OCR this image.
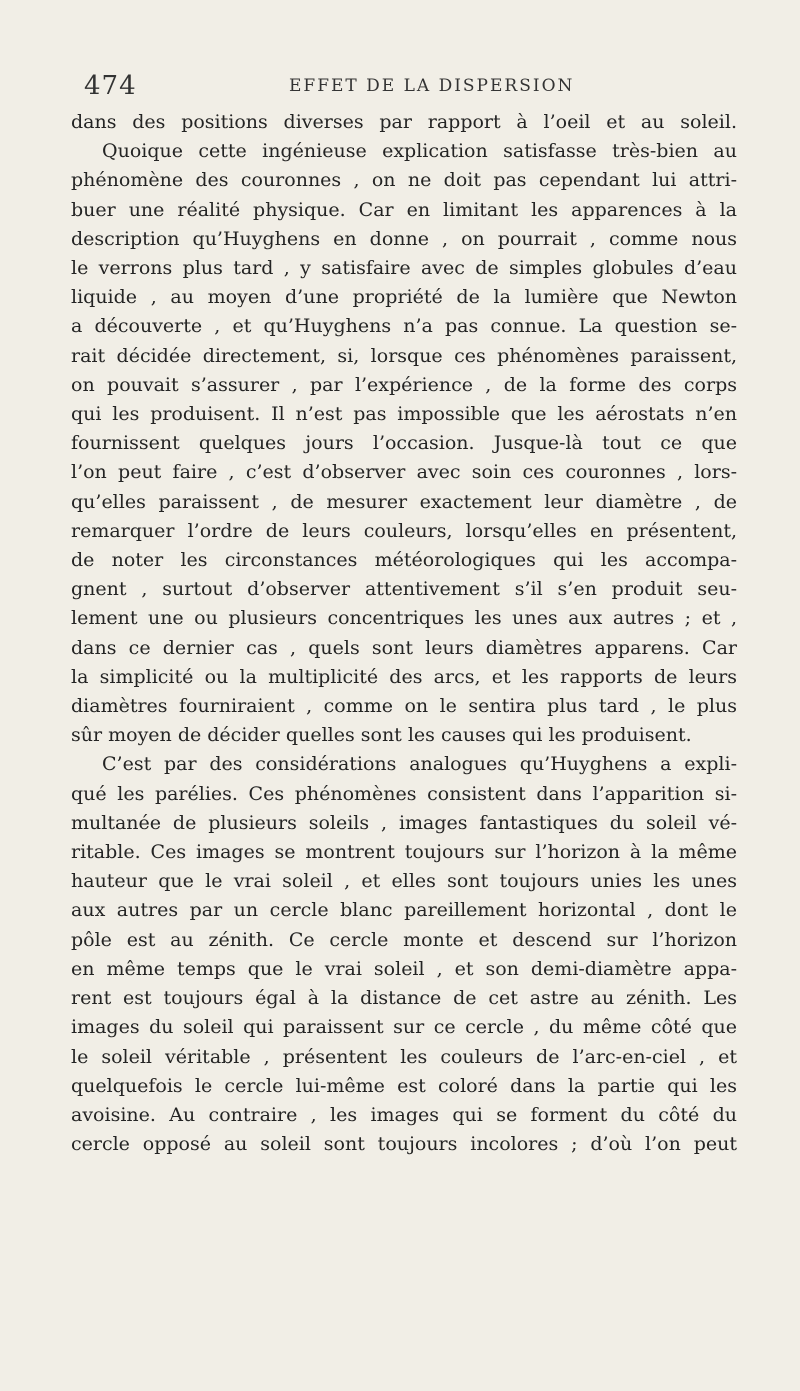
474	EFFET DE LA DISPERSION
dans des positions diverses par rapport à l’oeil et au soleil.
Quoique cette ingénieuse explication satisfasse très-bien au
phénomène des couronnes , on ne doit pas cependant lui attri-
buer une réalité physique. Car en limitant les apparences à la
description qu’Huyghens en donne , on pourrait , comme nous
le verrons plus tard , y satisfaire avec de simples globules d’eau
liquide , au moyen d’une propriété de la lumière que Newton
a découverte , et qu’Huyghens n’a pas connue. La question se-
rait décidée directement, si, lorsque ces phénomènes paraissent,
on pouvait s’assurer , par l’expérience , de la forme des corps
qui les produisent. Il n’est pas impossible que les aérostats n’en
fournissent quelques jours l’occasion. Jusque-là tout ce que
l’on peut faire , c’est d’observer avec soin ces couronnes , lors-
qu’elles paraissent , de mesurer exactement leur diamètre , de
remarquer l’ordre de leurs couleurs, lorsqu’elles en présentent,
de noter les circonstances météorologiques qui les accompa-
gnent , surtout d’observer attentivement s’il s’en produit seu-
lement une ou plusieurs concentriques les unes aux autres ; et ,
dans ce dernier cas , quels sont leurs diamètres apparens. Car
la simplicité ou la multiplicité des arcs, et les rapports de leurs
diamètres fourniraient , comme on le sentira plus tard , le plus
sûr moyen de décider quelles sont les causes qui les produisent.
C’est par des considérations analogues qu’Huyghens a expli-
qué les parélies. Ces phénomènes consistent dans l’apparition si-
multanée de plusieurs soleils , images fantastiques du soleil vé-
ritable. Ces images se montrent toujours sur l’horizon à la même
hauteur que le vrai soleil , et elles sont toujours unies les unes
aux autres par un cercle blanc pareillement horizontal , dont le
pôle est au zénith. Ce cercle monte et descend sur l’horizon
en même temps que le vrai soleil , et son demi-diamètre appa-
rent est toujours égal à la distance de cet astre au zénith. Les
images du soleil qui paraissent sur ce cercle , du même côté que
le soleil véritable , présentent les couleurs de l’arc-en-ciel , et
quelquefois le cercle lui-même est coloré dans la partie qui les
avoisine. Au contraire , les images qui se forment du côté du
cercle opposé au soleil sont toujours incolores ; d’où l’on peut
